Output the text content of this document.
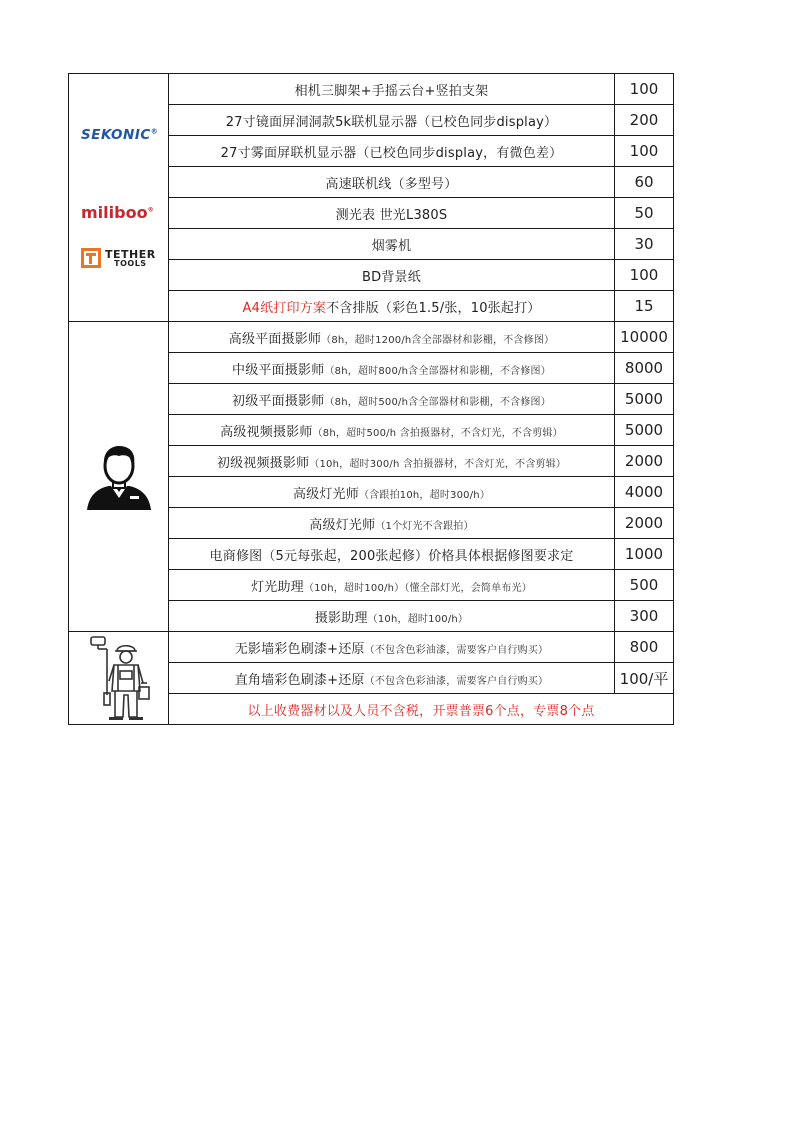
SEKONIC®
miliboo®
TETHER
TOOLS	相机三脚架+手摇云台+竖拍支架	100
	27寸镜面屏洞洞款5k联机显示器（已校色同步display）	200
	27寸雾面屏联机显示器（已校色同步display，有微色差）	100
	高速联机线（多型号）	60
	测光表 世光L380S	50
	烟雾机	30
	BD背景纸	100
	A4纸打印方案不含排版（彩色1.5/张，10张起打）	15

	高级平面摄影师（8h，超时1200/h含全部器材和影棚，不含修图）	10000
	中级平面摄影师（8h，超时800/h含全部器材和影棚，不含修图）	8000
	初级平面摄影师（8h，超时500/h含全部器材和影棚，不含修图）	5000
	高级视频摄影师（8h，超时500/h 含拍摄器材，不含灯光，不含剪辑）	5000
	初级视频摄影师（10h，超时300/h 含拍摄器材，不含灯光，不含剪辑）	2000
	高级灯光师（含跟拍10h，超时300/h）	4000
	高级灯光师（1个灯光不含跟拍）	2000
	电商修图（5元每张起，200张起修）价格具体根据修图要求定	1000
	灯光助理（10h，超时100/h）（懂全部灯光，会简单布光）	500
	摄影助理（10h，超时100/h）	300

	无影墙彩色刷漆+还原（不包含色彩油漆，需要客户自行购买）	800
	直角墙彩色刷漆+还原（不包含色彩油漆，需要客户自行购买）	100/平
	以上收费器材以及人员不含税，开票普票6个点，专票8个点	
